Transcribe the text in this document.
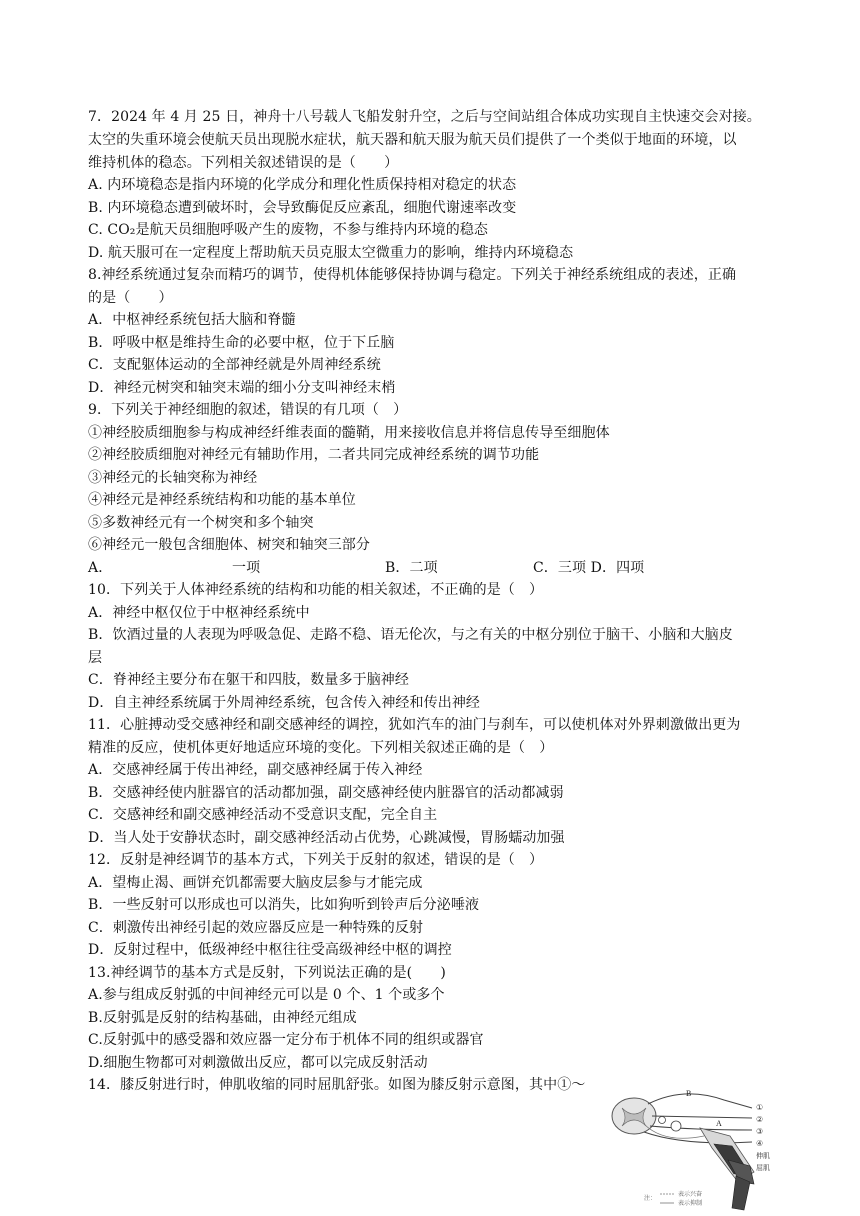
7．2024 年 4 月 25 日，神舟十八号载人飞船发射升空，之后与空间站组合体成功实现自主快速交会对接。
太空的失重环境会使航天员出现脱水症状，航天器和航天服为航天员们提供了一个类似于地面的环境，以
维持机体的稳态。下列相关叙述错误的是（　　）
A. 内环境稳态是指内环境的化学成分和理化性质保持相对稳定的状态
B. 内环境稳态遭到破坏时，会导致酶促反应紊乱，细胞代谢速率改变
C. CO₂是航天员细胞呼吸产生的废物，不参与维持内环境的稳态
D. 航天服可在一定程度上帮助航天员克服太空微重力的影响，维持内环境稳态
8.神经系统通过复杂而精巧的调节，使得机体能够保持协调与稳定。下列关于神经系统组成的表述，正确
的是（　　）
A．中枢神经系统包括大脑和脊髓
B．呼吸中枢是维持生命的必要中枢，位于下丘脑
C．支配躯体运动的全部神经就是外周神经系统
D．神经元树突和轴突末端的细小分支叫神经末梢
9．下列关于神经细胞的叙述，错误的有几项（　）
①神经胶质细胞参与构成神经纤维表面的髓鞘，用来接收信息并将信息传导至细胞体
②神经胶质细胞对神经元有辅助作用，二者共同完成神经系统的调节功能
③神经元的长轴突称为神经
④神经元是神经系统结构和功能的基本单位
⑤多数神经元有一个树突和多个轴突
⑥神经元一般包含细胞体、树突和轴突三部分
A．	一项	B．二项	C．三项 D．四项
10．下列关于人体神经系统的结构和功能的相关叙述，不正确的是（　）
A．神经中枢仅位于中枢神经系统中
B．饮酒过量的人表现为呼吸急促、走路不稳、语无伦次，与之有关的中枢分别位于脑干、小脑和大脑皮
层
C．脊神经主要分布在躯干和四肢，数量多于脑神经
D．自主神经系统属于外周神经系统，包含传入神经和传出神经
11．心脏搏动受交感神经和副交感神经的调控，犹如汽车的油门与刹车，可以使机体对外界刺激做出更为
精准的反应，使机体更好地适应环境的变化。下列相关叙述正确的是（　）
A．交感神经属于传出神经，副交感神经属于传入神经
B．交感神经使内脏器官的活动都加强，副交感神经使内脏器官的活动都减弱
C．交感神经和副交感神经活动不受意识支配，完全自主
D．当人处于安静状态时，副交感神经活动占优势，心跳减慢，胃肠蠕动加强
12．反射是神经调节的基本方式，下列关于反射的叙述，错误的是（　）
A．望梅止渴、画饼充饥都需要大脑皮层参与才能完成
B．一些反射可以形成也可以消失，比如狗听到铃声后分泌唾液
C．刺激传出神经引起的效应器反应是一种特殊的反射
D．反射过程中，低级神经中枢往往受高级神经中枢的调控
13.神经调节的基本方式是反射，下列说法正确的是(　　)
A.参与组成反射弧的中间神经元可以是 0 个、1 个或多个
B.反射弧是反射的结构基础，由神经元组成
C.反射弧中的感受器和效应器一定分布于机体不同的组织或器官
D.细胞生物都可对刺激做出反应，都可以完成反射活动
14．膝反射进行时，伸肌收缩的同时屈肌舒张。如图为膝反射示意图，其中①～
B
A
①
②
③
④
伸肌
屈肌
注：
表示兴奋
表示抑制
